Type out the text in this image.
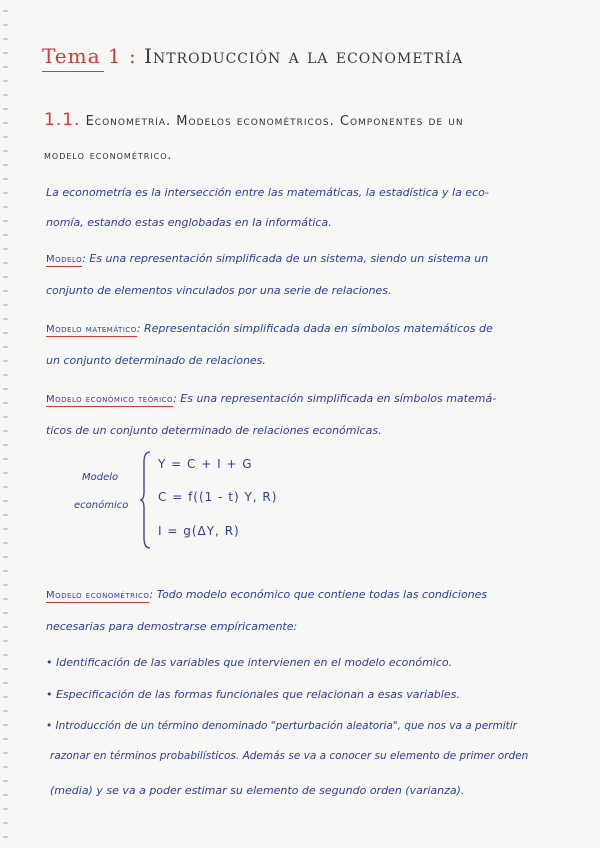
Tema 1 : Introducción a la econometría
1.1. Econometría. Modelos econométricos. Componentes de un
modelo econométrico.
La econometría es la intersección entre las matemáticas, la estadística y la eco-
nomía, estando estas englobadas en la informática.
Modelo: Es una representación simplificada de un sistema, siendo un sistema un
conjunto de elementos vinculados por una serie de relaciones.
Modelo matemático: Representación simplificada dada en símbolos matemáticos de
un conjunto determinado de relaciones.
Modelo económico teórico: Es una representación simplificada en símbolos matemá-
ticos de un conjunto determinado de relaciones económicas.
Modelo
económico
Y = C + I + G
C = f((1 - t) Y, R)
I = g(ΔY, R)
Modelo econométrico: Todo modelo económico que contiene todas las condiciones
necesarias para demostrarse empíricamente:
• Identificación de las variables que intervienen en el modelo económico.
• Especificación de las formas funcionales que relacionan a esas variables.
• Introducción de un término denominado "perturbación aleatoria", que nos va a permitir
razonar en términos probabilísticos. Además se va a conocer su elemento de primer orden
(media) y se va a poder estimar su elemento de segundo orden (varianza).
